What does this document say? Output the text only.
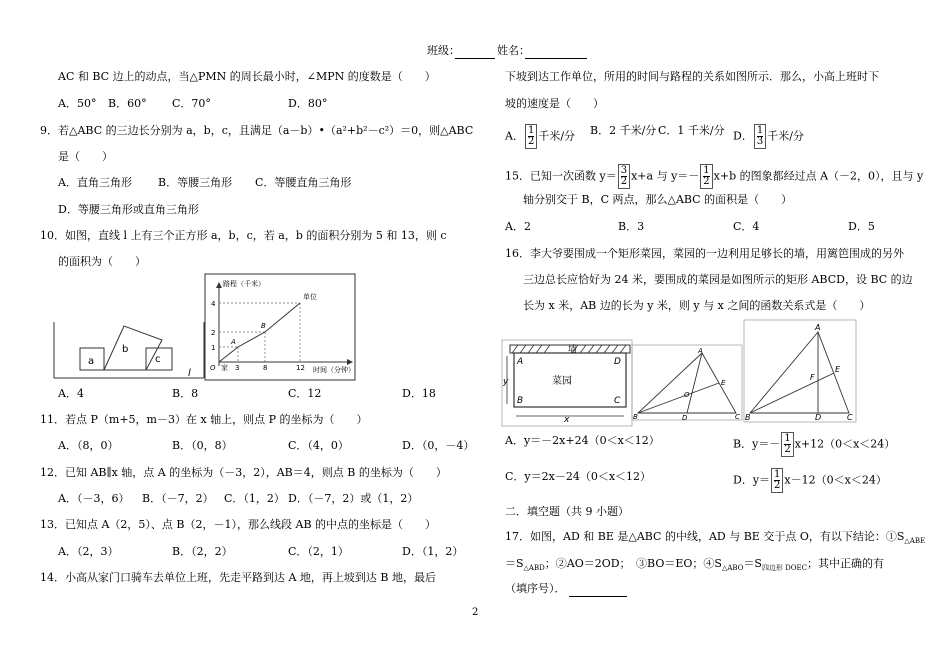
班级：	姓名：
AC 和 BC 边上的动点，当△PMN 的周长最小时，∠MPN 的度数是（　　）
A．50° B．60° C．70°	D．80°
9．若△ABC 的三边长分别为 a，b，c，且满足（a－b）•（a²+b²－c²）＝0，则△ABC
是（　　）
A．直角三角形 B．等腰三角形 C．等腰直角三角形
D．等腰三角形或直角三角形
10．如图，直线 l 上有三个正方形 a，b，c，若 a，b 的面积分别为 5 和 13，则 c
的面积为（　　）
a
b
c
l
路程（千米）
时间（分钟）
单位
4
2
1
O 家 3	8	12
A
B
A．4	B．8	C．12	D．18
11．若点 P（m+5，m－3）在 x 轴上，则点 P 的坐标为（　　）
A．（8，0）	B．（0，8）	C．（4，0）	D．（0，－4）
12．已知 AB∥x 轴，点 A 的坐标为（－3，2），AB＝4，则点 B 的坐标为（　　）
A．（－3，6） B．（－7，2） C．（1，2） D．（－7，2）或（1，2）
13．已知点 A（2，5）、点 B（2，－1），那么线段 AB 的中点的坐标是（　　）
A．（2，3）	B．（2，2）	C．（2，1）	D．（1，2）
14．小高从家门口骑车去单位上班，先走平路到达 A 地，再上坡到达 B 地，最后
下坡到达工作单位，所用的时间与路程的关系如图所示．那么，小高上班时下
坡的速度是（　　）
A． $\frac{1}{2}$ 千米/分 B．2 千米/分 C．1 千米/分 D． $\frac{1}{3}$ 千米/分
15．已知一次函数 $y= \frac{3}{2} x+a$ 与 $y=- \frac{1}{2} x+b$ 的图象都经过点 A（－2，0），且与 y
轴分别交于 B，C 两点，那么△ABC 的面积是（　　）
A．2	B．3	C．4	D．5
16．李大爷要围成一个矩形菜园，菜园的一边利用足够长的墙，用篱笆围成的另外
三边总长应恰好为 24 米，要围成的菜园是如图所示的矩形 ABCD，设 BC 的边
长为 x 米，AB 边的长为 y 米，则 y 与 x 之间的函数关系式是（　　）
墙
菜园
A
B	C
D
x
y
A
B	C
D
E
O
A
B	C
D
E
F
A．y＝－2x+24（0＜x＜12）	B．$y=- \frac{1}{2} x+12(0<x<24)$
C．y＝2x－24（0＜x＜12）	D．$y= \frac{1}{2} x-12(0<x<24)$
二．填空题（共 9 小题）
17．如图，AD 和 BE 是△ABC 的中线，AD 与 BE 交于点 O，有以下结论：$①S_{\triangle ABE}$
$=S_{\triangle ABD}$；②AO＝2OD；　③BO＝EO；$④S_{\triangle ABO}=S_{四边形 DOEC}$；其中正确的有
（填序号）．
2
